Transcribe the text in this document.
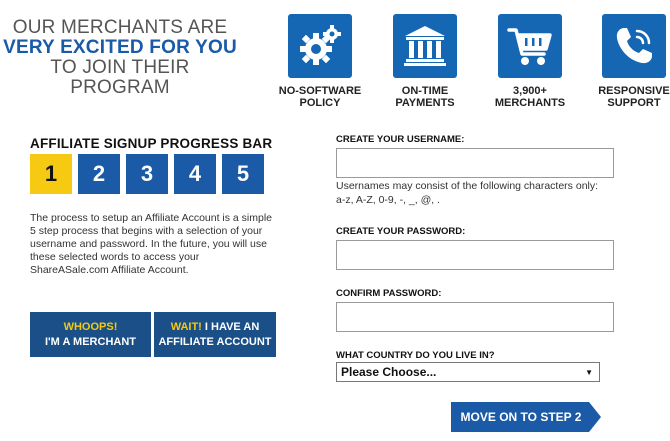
OUR MERCHANTS ARE
VERY EXCITED FOR YOU
TO JOIN THEIR PROGRAM	NO-SOFTWARE
POLICY
ON-TIME
PAYMENTS
3,900+
MERCHANTS
RESPONSIVE
SUPPORT
AFFILIATE SIGNUP PROGRESS BAR
1	2	3	4	5
The process to setup an Affiliate Account is a simple 5 step process that begins with a selection of your username and password. In the future, you will use these selected words to access your ShareASale.com Affiliate Account.
WHOOPS!
I'M A MERCHANT
WAIT! I HAVE AN
AFFILIATE ACCOUNT
CREATE YOUR USERNAME:
Usernames may consist of the following characters only: a-z, A-Z, 0-9, -, _, @, .
CREATE YOUR PASSWORD:
CONFIRM PASSWORD:
WHAT COUNTRY DO YOU LIVE IN?
Please Choose...	▼
MOVE ON TO STEP 2
